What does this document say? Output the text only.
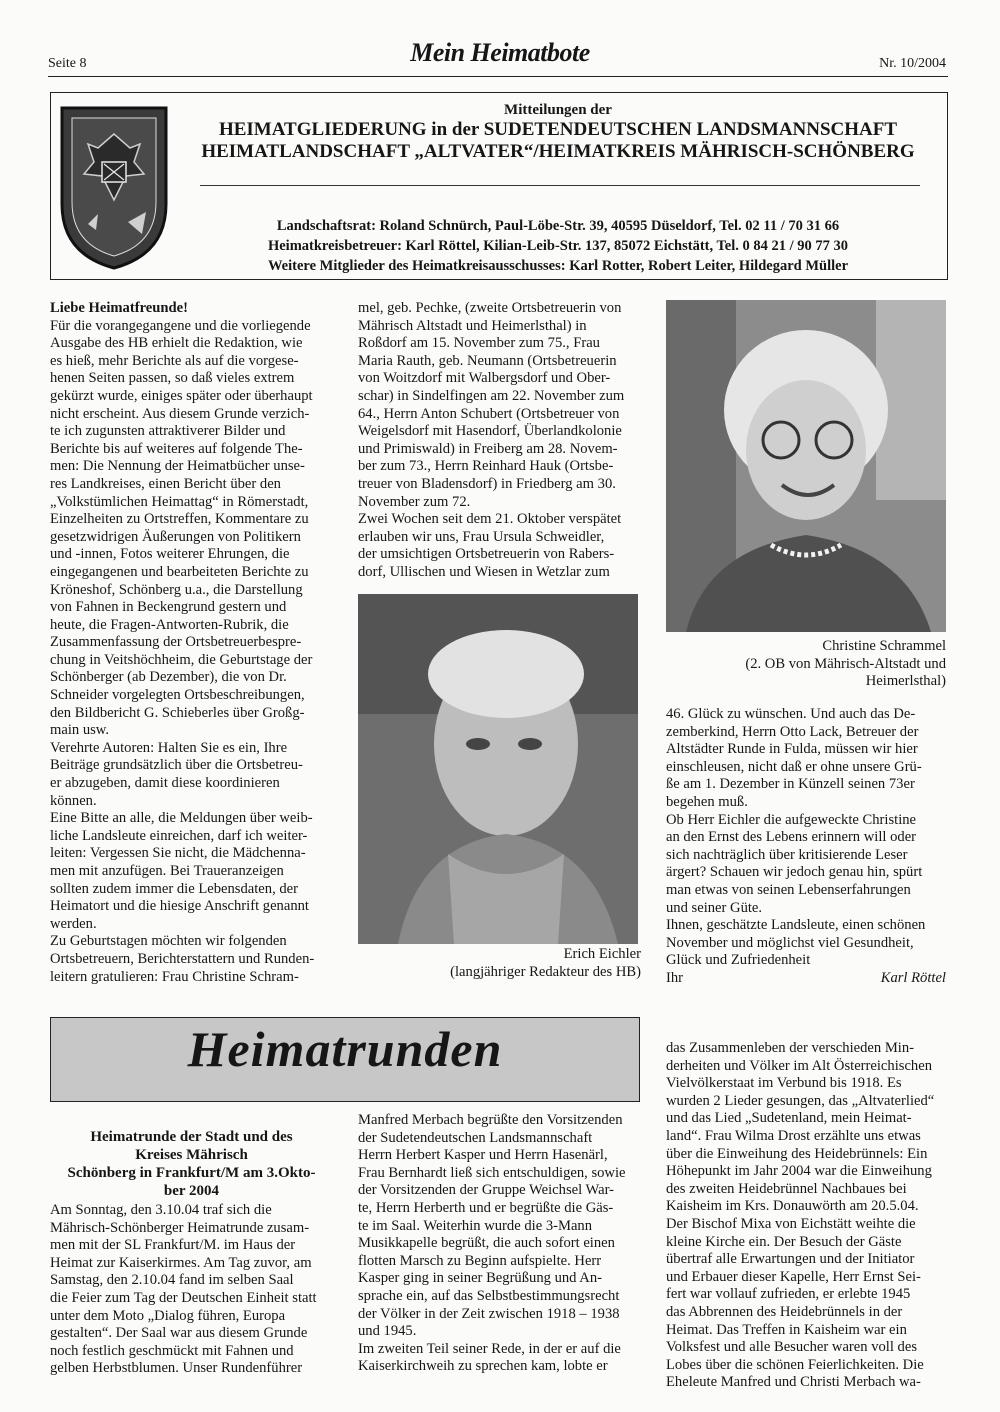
Seite 8	Mein Heimatbote	Nr. 10/2004
Mitteilungen der
HEIMATGLIEDERUNG in der SUDETENDEUTSCHEN LANDSMANNSCHAFT
HEIMATLANDSCHAFT „ALTVATER“/HEIMATKREIS MÄHRISCH-SCHÖNBERG
Landschaftsrat: Roland Schnürch, Paul-Löbe-Str. 39, 40595 Düseldorf, Tel. 02 11 / 70 31 66
Heimatkreisbetreuer: Karl Röttel, Kilian-Leib-Str. 137, 85072 Eichstätt, Tel. 0 84 21 / 90 77 30
Weitere Mitglieder des Heimatkreisausschusses: Karl Rotter, Robert Leiter, Hildegard Müller

Liebe Heimatfreunde!

Für die vorangegangene und die vorliegende

Ausgabe des HB erhielt die Redaktion, wie

es hieß, mehr Berichte als auf die vorgese-

henen Seiten passen, so daß vieles extrem

gekürzt wurde, einiges später oder überhaupt

nicht erscheint. Aus diesem Grunde verzich-

te ich zugunsten attraktiverer Bilder und

Berichte bis auf weiteres auf folgende The-

men: Die Nennung der Heimatbücher unse-

res Landkreises, einen Bericht über den

„Volkstümlichen Heimattag“ in Römerstadt,

Einzelheiten zu Ortstreffen, Kommentare zu

gesetzwidrigen Äußerungen von Politikern

und -innen, Fotos weiterer Ehrungen, die

eingegangenen und bearbeiteten Berichte zu

Kröneshof, Schönberg u.a., die Darstellung

von Fahnen in Beckengrund gestern und

heute, die Fragen-Antworten-Rubrik, die

Zusammenfassung der Ortsbetreuerbespre-

chung in Veitshöchheim, die Geburtstage der

Schönberger (ab Dezember), die von Dr.

Schneider vorgelegten Ortsbeschreibungen,

den Bildbericht G. Schieberles über Großg-

main usw.

Verehrte Autoren: Halten Sie es ein, Ihre

Beiträge grundsätzlich über die Ortsbetreu-

er abzugeben, damit diese koordinieren

können.

Eine Bitte an alle, die Meldungen über weib-

liche Landsleute einreichen, darf ich weiter-

leiten: Vergessen Sie nicht, die Mädchenna-

men mit anzufügen. Bei Traueranzeigen

sollten zudem immer die Lebensdaten, der

Heimatort und die hiesige Anschrift genannt

werden.

Zu Geburtstagen möchten wir folgenden

Ortsbetreuern, Berichterstattern und Runden-

leitern gratulieren: Frau Christine Schram-

mel, geb. Pechke, (zweite Ortsbetreuerin von

Mährisch Altstadt und Heimerlsthal) in

Roßdorf am 15. November zum 75., Frau

Maria Rauth, geb. Neumann (Ortsbetreuerin

von Woitzdorf mit Walbergsdorf und Ober-

schar) in Sindelfingen am 22. November zum

64., Herrn Anton Schubert (Ortsbetreuer von

Weigelsdorf mit Hasendorf, Überlandkolonie

und Primiswald) in Freiberg am 28. Novem-

ber zum 73., Herrn Reinhard Hauk (Ortsbe-

treuer von Bladensdorf) in Friedberg am 30.

November zum 72.

Zwei Wochen seit dem 21. Oktober verspätet

erlauben wir uns, Frau Ursula Schweidler,

der umsichtigen Ortsbetreuerin von Rabers-

dorf, Ullischen und Wiesen in Wetzlar zum

Erich Eichler
(langjähriger Redakteur des HB)
Christine Schrammel
(2. OB von Mährisch-Altstadt und
Heimerlsthal)

46. Glück zu wünschen. Und auch das De-

zemberkind, Herrn Otto Lack, Betreuer der

Altstädter Runde in Fulda, müssen wir hier

einschleusen, nicht daß er ohne unsere Grü-

ße am 1. Dezember in Künzell seinen 73er

begehen muß.

Ob Herr Eichler die aufgeweckte Christine

an den Ernst des Lebens erinnern will oder

sich nachträglich über kritisierende Leser

ärgert? Schauen wir jedoch genau hin, spürt

man etwas von seinen Lebenserfahrungen

und seiner Güte.

Ihnen, geschätzte Landsleute, einen schönen

November und möglichst viel Gesundheit,

Glück und Zufriedenheit

Ihr	Karl Röttel
Heimatrunden
Heimatrunde der Stadt und des
Kreises Mährisch
Schönberg in Frankfurt/M am 3.Okto-
ber 2004

Am Sonntag, den 3.10.04 traf sich die

Mährisch-Schönberger Heimatrunde zusam-

men mit der SL Frankfurt/M. im Haus der

Heimat zur Kaiserkirmes. Am Tag zuvor, am

Samstag, den 2.10.04 fand im selben Saal

die Feier zum Tag der Deutschen Einheit statt

unter dem Moto „Dialog führen, Europa

gestalten“. Der Saal war aus diesem Grunde

noch festlich geschmückt mit Fahnen und

gelben Herbstblumen. Unser Rundenführer

Manfred Merbach begrüßte den Vorsitzenden

der Sudetendeutschen Landsmannschaft

Herrn Herbert Kasper und Herrn Hasenärl,

Frau Bernhardt ließ sich entschuldigen, sowie

der Vorsitzenden der Gruppe Weichsel War-

te, Herrn Herberth und er begrüßte die Gäs-

te im Saal. Weiterhin wurde die 3-Mann

Musikkapelle begrüßt, die auch sofort einen

flotten Marsch zu Beginn aufspielte. Herr

Kasper ging in seiner Begrüßung und An-

sprache ein, auf das Selbstbestimmungsrecht

der Völker in der Zeit zwischen 1918 – 1938

und 1945.

Im zweiten Teil seiner Rede, in der er auf die

Kaiserkirchweih zu sprechen kam, lobte er

das Zusammenleben der verschieden Min-

derheiten und Völker im Alt Österreichischen

Vielvölkerstaat im Verbund bis 1918. Es

wurden 2 Lieder gesungen, das „Altvaterlied“

und das Lied „Sudetenland, mein Heimat-

land“. Frau Wilma Drost erzählte uns etwas

über die Einweihung des Heidebrünnels: Ein

Höhepunkt im Jahr 2004 war die Einweihung

des zweiten Heidebrünnel Nachbaues bei

Kaisheim im Krs. Donauwörth am 20.5.04.

Der Bischof Mixa von Eichstätt weihte die

kleine Kirche ein. Der Besuch der Gäste

übertraf alle Erwartungen und der Initiator

und Erbauer dieser Kapelle, Herr Ernst Sei-

fert war vollauf zufrieden, er erlebte 1945

das Abbrennen des Heidebrünnels in der

Heimat. Das Treffen in Kaisheim war ein

Volksfest und alle Besucher waren voll des

Lobes über die schönen Feierlichkeiten. Die

Eheleute Manfred und Christi Merbach wa-
